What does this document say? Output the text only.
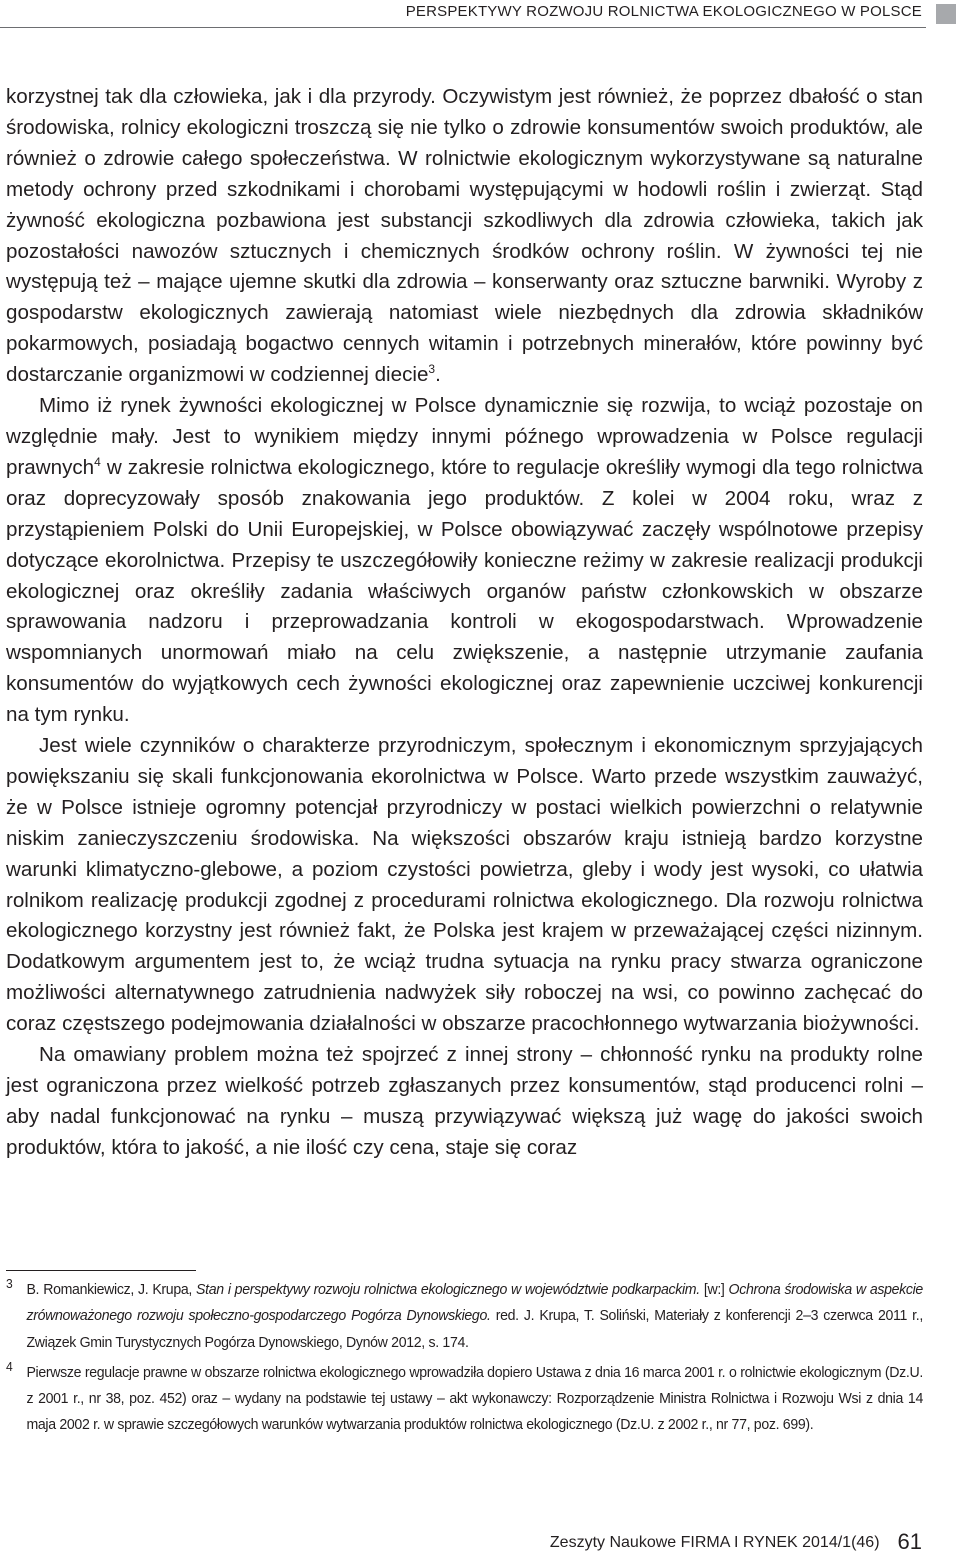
PERSPEKTYWY ROZWOJU ROLNICTWA EKOLOGICZNEGO W POLSCE

korzystnej tak dla człowieka, jak i dla przyrody. Oczywistym jest również, że poprzez dbałość o stan środowiska, rolnicy ekologiczni troszczą się nie tylko o zdrowie konsumentów swoich produktów, ale również o zdrowie całego społeczeństwa. W rolnictwie ekologicznym wykorzystywane są naturalne metody ochrony przed szkodnikami i chorobami występującymi w hodowli roślin i zwierząt. Stąd żywność ekologiczna pozbawiona jest substancji szkodliwych dla zdrowia człowieka, takich jak pozostałości nawozów sztucznych i chemicznych środków ochrony roślin. W żywności tej nie występują też – mające ujemne skutki dla zdrowia – konserwanty oraz sztuczne barwniki. Wyroby z gospodarstw ekologicznych zawierają natomiast wiele niezbędnych dla zdrowia składników pokarmowych, posiadają bogactwo cennych witamin i potrzebnych minerałów, które powinny być dostarczanie organizmowi w codziennej diecie$^3$.

Mimo iż rynek żywności ekologicznej w Polsce dynamicznie się rozwija, to wciąż pozostaje on względnie mały. Jest to wynikiem między innymi późnego wprowadzenia w Polsce regulacji prawnych$^4$ w zakresie rolnictwa ekologicznego, które to regulacje określiły wymogi dla tego rolnictwa oraz doprecyzowały sposób znakowania jego produktów. Z kolei w 2004 roku, wraz z przystąpieniem Polski do Unii Europejskiej, w Polsce obowiązywać zaczęły wspólnotowe przepisy dotyczące ekorolnictwa. Przepisy te uszczegółowiły konieczne reżimy w zakresie realizacji produkcji ekologicznej oraz określiły zadania właściwych organów państw członkowskich w obszarze sprawowania nadzoru i przeprowadzania kontroli w ekogospodarstwach. Wprowadzenie wspomnianych unormowań miało na celu zwiększenie, a następnie utrzymanie zaufania konsumentów do wyjątkowych cech żywności ekologicznej oraz zapewnienie uczciwej konkurencji na tym rynku.

Jest wiele czynników o charakterze przyrodniczym, społecznym i ekonomicznym sprzyjających powiększaniu się skali funkcjonowania ekorolnictwa w Polsce. Warto przede wszystkim zauważyć, że w Polsce istnieje ogromny potencjał przyrodniczy w postaci wielkich powierzchni o relatywnie niskim zanieczyszczeniu środowiska. Na większości obszarów kraju istnieją bardzo korzystne warunki klimatyczno-glebowe, a poziom czystości powietrza, gleby i wody jest wysoki, co ułatwia rolnikom realizację produkcji zgodnej z procedurami rolnictwa ekologicznego. Dla rozwoju rolnictwa ekologicznego korzystny jest również fakt, że Polska jest krajem w przeważającej części nizinnym. Dodatkowym argumentem jest to, że wciąż trudna sytuacja na rynku pracy stwarza ograniczone możliwości alternatywnego zatrudnienia nadwyżek siły roboczej na wsi, co powinno zachęcać do coraz częstszego podejmowania działalności w obszarze pracochłonnego wytwarzania biożywności.

Na omawiany problem można też spojrzeć z innej strony – chłonność rynku na produkty rolne jest ograniczona przez wielkość potrzeb zgłaszanych przez konsumentów, stąd producenci rolni – aby nadal funkcjonować na rynku – muszą przywiązywać większą już wagę do jakości swoich produktów, która to jakość, a nie ilość czy cena, staje się coraz

3 B. Romankiewicz, J. Krupa, Stan i perspektywy rozwoju rolnictwa ekologicznego w województwie podkarpackim. [w:] Ochrona środowiska w aspekcie zrównoważonego rozwoju społeczno-gospodarczego Pogórza Dynowskiego. red. J. Krupa, T. Soliński, Materiały z konferencji 2–3 czerwca 2011 r., Związek Gmin Turystycznych Pogórza Dynowskiego, Dynów 2012, s. 174.

4 Pierwsze regulacje prawne w obszarze rolnictwa ekologicznego wprowadziła dopiero Ustawa z dnia 16 marca 2001 r. o rolnictwie ekologicznym (Dz.U. z 2001 r., nr 38, poz. 452) oraz – wydany na podstawie tej ustawy – akt wykonawczy: Rozporządzenie Ministra Rolnictwa i Rozwoju Wsi z dnia 14 maja 2002 r. w sprawie szczegółowych warunków wytwarzania produktów rolnictwa ekologicznego (Dz.U. z 2002 r., nr 77, poz. 699).

Zeszyty Naukowe FIRMA I RYNEK 2014/1(46) 61
